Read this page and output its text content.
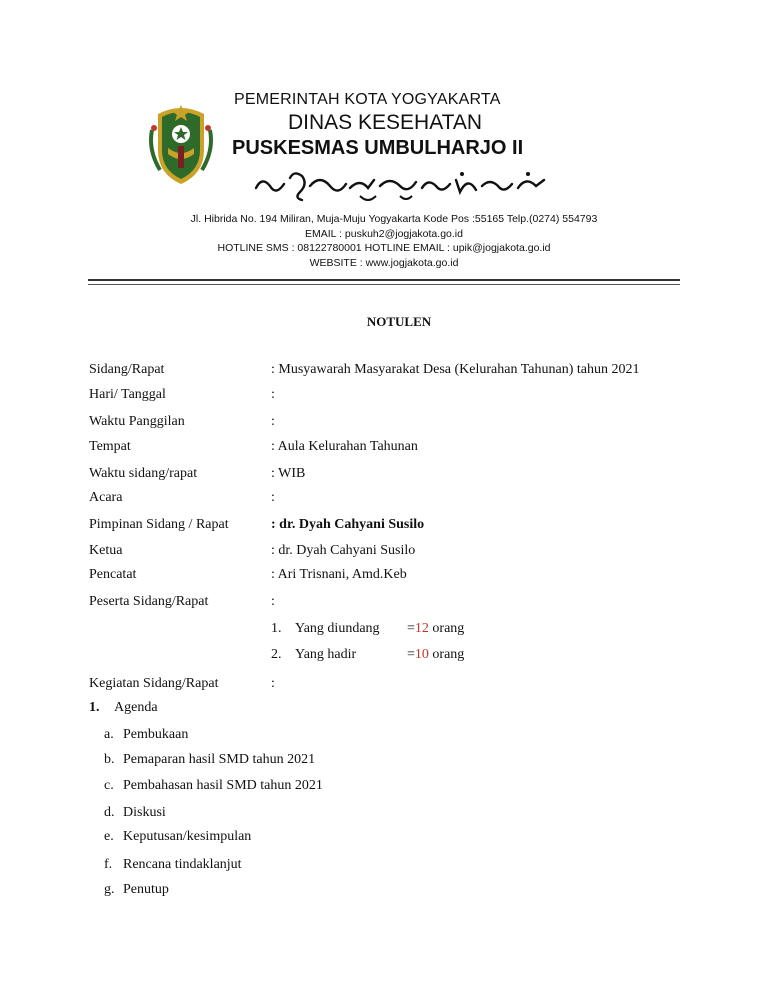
PEMERINTAH KOTA YOGYAKARTA
DINAS KESEHATAN
PUSKESMAS UMBULHARJO II
Jl. Hibrida No. 194 Miliran, Muja-Muju Yogyakarta Kode Pos :55165 Telp.(0274) 554793
EMAIL : puskuh2@jogjakota.go.id
HOTLINE SMS : 08122780001 HOTLINE EMAIL : upik@jogjakota.go.id
WEBSITE : www.jogjakota.go.id
NOTULEN
Sidang/Rapat	: Musyawarah Masyarakat Desa (Kelurahan Tahunan) tahun 2021
Hari/ Tanggal	:
Waktu Panggilan	:
Tempat	: Aula Kelurahan Tahunan
Waktu sidang/rapat	: WIB
Acara	:
Pimpinan Sidang / Rapat	: dr. Dyah Cahyani Susilo
Ketua	: dr. Dyah Cahyani Susilo
Pencatat	: Ari Trisnani, Amd.Keb
Peserta Sidang/Rapat	:
1. Yang diundang =12 orang
2. Yang hadir	=10 orang
Kegiatan Sidang/Rapat	:
1. Agenda
a. Pembukaan
b. Pemaparan hasil SMD tahun 2021
c. Pembahasan hasil SMD tahun 2021
d. Diskusi
e. Keputusan/kesimpulan
f. Rencana tindaklanjut
g. Penutup
